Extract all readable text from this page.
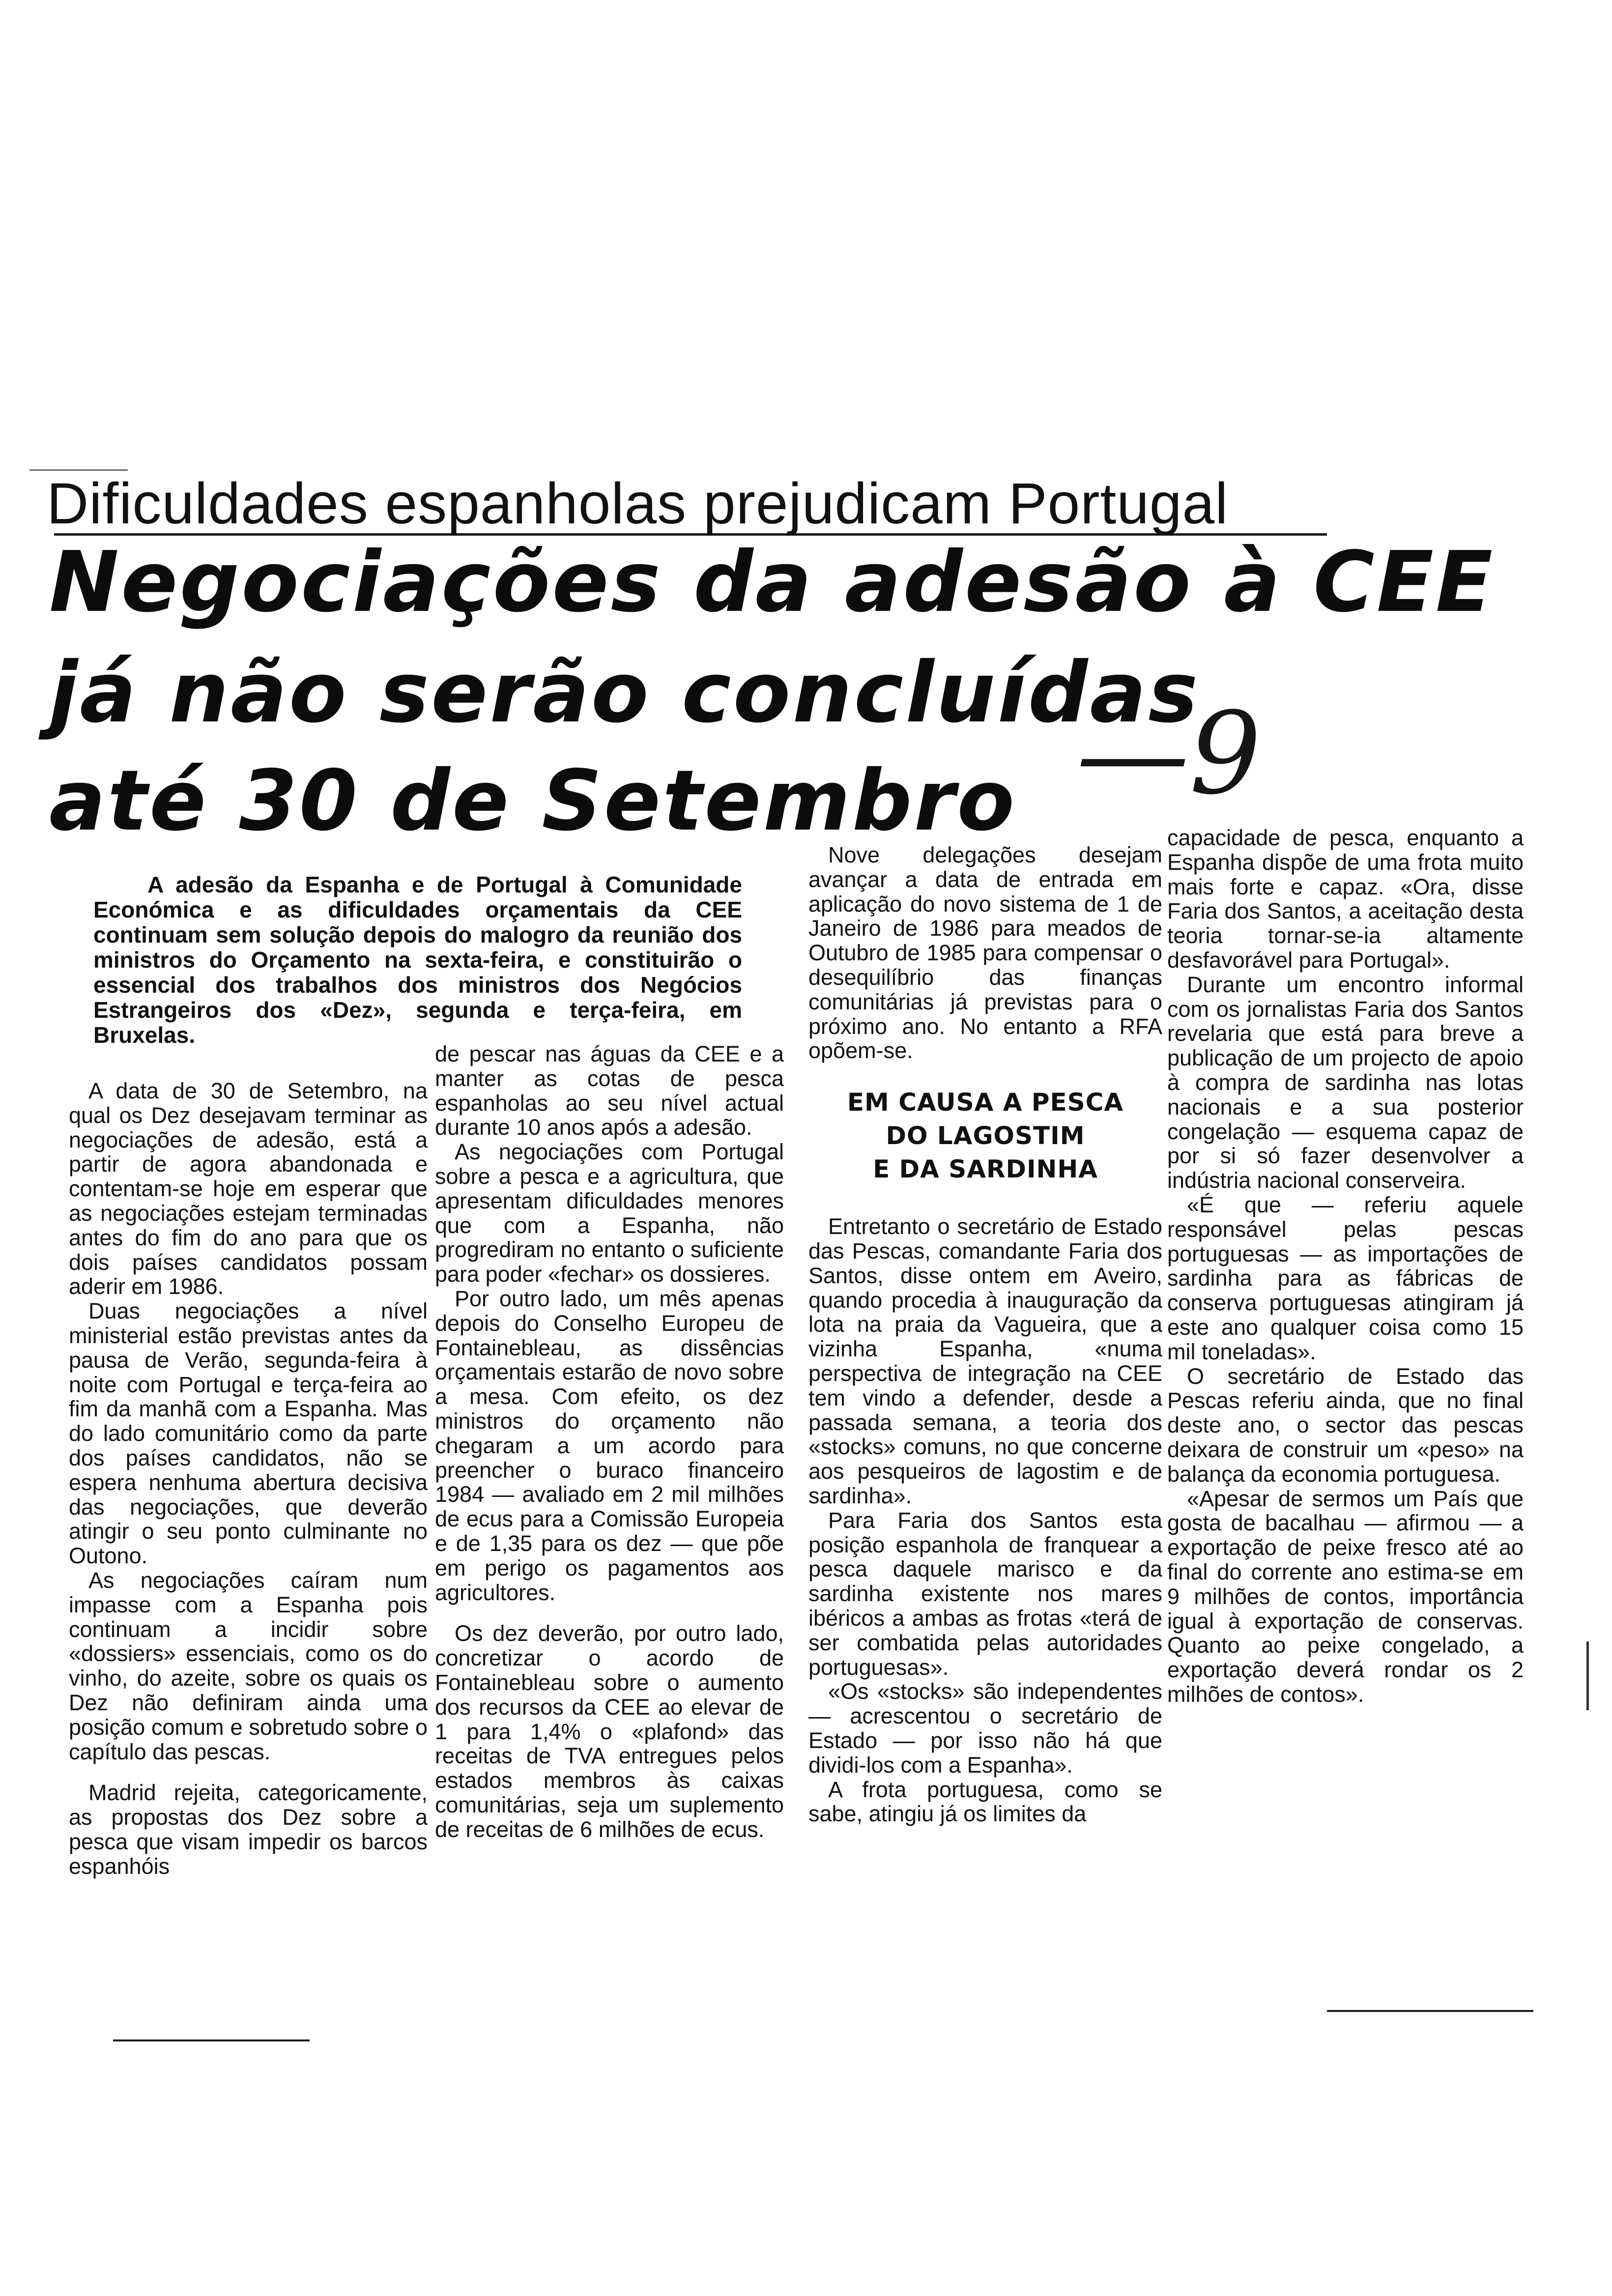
Dificuldades espanholas prejudicam Portugal
Negociações da adesão à CEE
já não serão concluídas
até 30 de Setembro —9
A adesão da Espanha e de Portugal à Comunidade Económica e as dificuldades orçamentais da CEE continuam sem solução depois do malogro da reunião dos ministros do Orçamento na sexta-feira, e constituirão o essencial dos trabalhos dos ministros dos Negócios Estrangeiros dos «Dez», segunda e terça-feira, em Bruxelas.

A data de 30 de Setembro, na qual os Dez desejavam terminar as negociações de adesão, está a partir de agora abandonada e contentam-se hoje em esperar que as negociações estejam terminadas antes do fim do ano para que os dois países candidatos possam aderir em 1986.

Duas negociações a nível ministerial estão previstas antes da pausa de Verão, segunda-feira à noite com Portugal e terça-feira ao fim da manhã com a Espanha. Mas do lado comunitário como da parte dos países candidatos, não se espera nenhuma abertura decisiva das negociações, que deverão atingir o seu ponto culminante no Outono.

As negociações caíram num impasse com a Espanha pois continuam a incidir sobre «dossiers» essenciais, como os do vinho, do azeite, sobre os quais os Dez não definiram ainda uma posição comum e sobretudo sobre o capítulo das pescas.

Madrid rejeita, categoricamente, as propostas dos Dez sobre a pesca que visam impedir os barcos espanhóis

de pescar nas águas da CEE e a manter as cotas de pesca espanholas ao seu nível actual durante 10 anos após a adesão.

As negociações com Portugal sobre a pesca e a agricultura, que apresentam dificuldades menores que com a Espanha, não progrediram no entanto o suficiente para poder «fechar» os dossieres.

Por outro lado, um mês apenas depois do Conselho Europeu de Fontainebleau, as dissências orçamentais estarão de novo sobre a mesa. Com efeito, os dez ministros do orçamento não chegaram a um acordo para preencher o buraco financeiro 1984 — avaliado em 2 mil milhões de ecus para a Comissão Europeia e de 1,35 para os dez — que põe em perigo os pagamentos aos agricultores.

Os dez deverão, por outro lado, concretizar o acordo de Fontainebleau sobre o aumento dos recursos da CEE ao elevar de 1 para 1,4% o «plafond» das receitas de TVA entregues pelos estados membros às caixas comunitárias, seja um suplemento de receitas de 6 milhões de ecus.

Nove delegações desejam avançar a data de entrada em aplicação do novo sistema de 1 de Janeiro de 1986 para meados de Outubro de 1985 para compensar o desequilíbrio das finanças comunitárias já previstas para o próximo ano. No entanto a RFA opõem-se.

EM CAUSA A PESCA
DO LAGOSTIM
E DA SARDINHA

Entretanto o secretário de Estado das Pescas, comandante Faria dos Santos, disse ontem em Aveiro, quando procedia à inauguração da lota na praia da Vagueira, que a vizinha Espanha, «numa perspectiva de integração na CEE tem vindo a defender, desde a passada semana, a teoria dos «stocks» comuns, no que concerne aos pesqueiros de lagostim e de sardinha».

Para Faria dos Santos esta posição espanhola de franquear a pesca daquele marisco e da sardinha existente nos mares ibéricos a ambas as frotas «terá de ser combatida pelas autoridades portuguesas».

«Os «stocks» são independentes — acrescentou o secretário de Estado — por isso não há que dividi-los com a Espanha».

A frota portuguesa, como se sabe, atingiu já os limites da

capacidade de pesca, enquanto a Espanha dispõe de uma frota muito mais forte e capaz. «Ora, disse Faria dos Santos, a aceitação desta teoria tornar-se-ia altamente desfavorável para Portugal».

Durante um encontro informal com os jornalistas Faria dos Santos revelaria que está para breve a publicação de um projecto de apoio à compra de sardinha nas lotas nacionais e a sua posterior congelação — esquema capaz de por si só fazer desenvolver a indústria nacional conserveira.

«É que — referiu aquele responsável pelas pescas portuguesas — as importações de sardinha para as fábricas de conserva portuguesas atingiram já este ano qualquer coisa como 15 mil toneladas».

O secretário de Estado das Pescas referiu ainda, que no final deste ano, o sector das pescas deixara de construir um «peso» na balança da economia portuguesa.

«Apesar de sermos um País que gosta de bacalhau — afirmou — a exportação de peixe fresco até ao final do corrente ano estima-se em 9 milhões de contos, importância igual à exportação de conservas. Quanto ao peixe congelado, a exportação deverá rondar os 2 milhões de contos».
